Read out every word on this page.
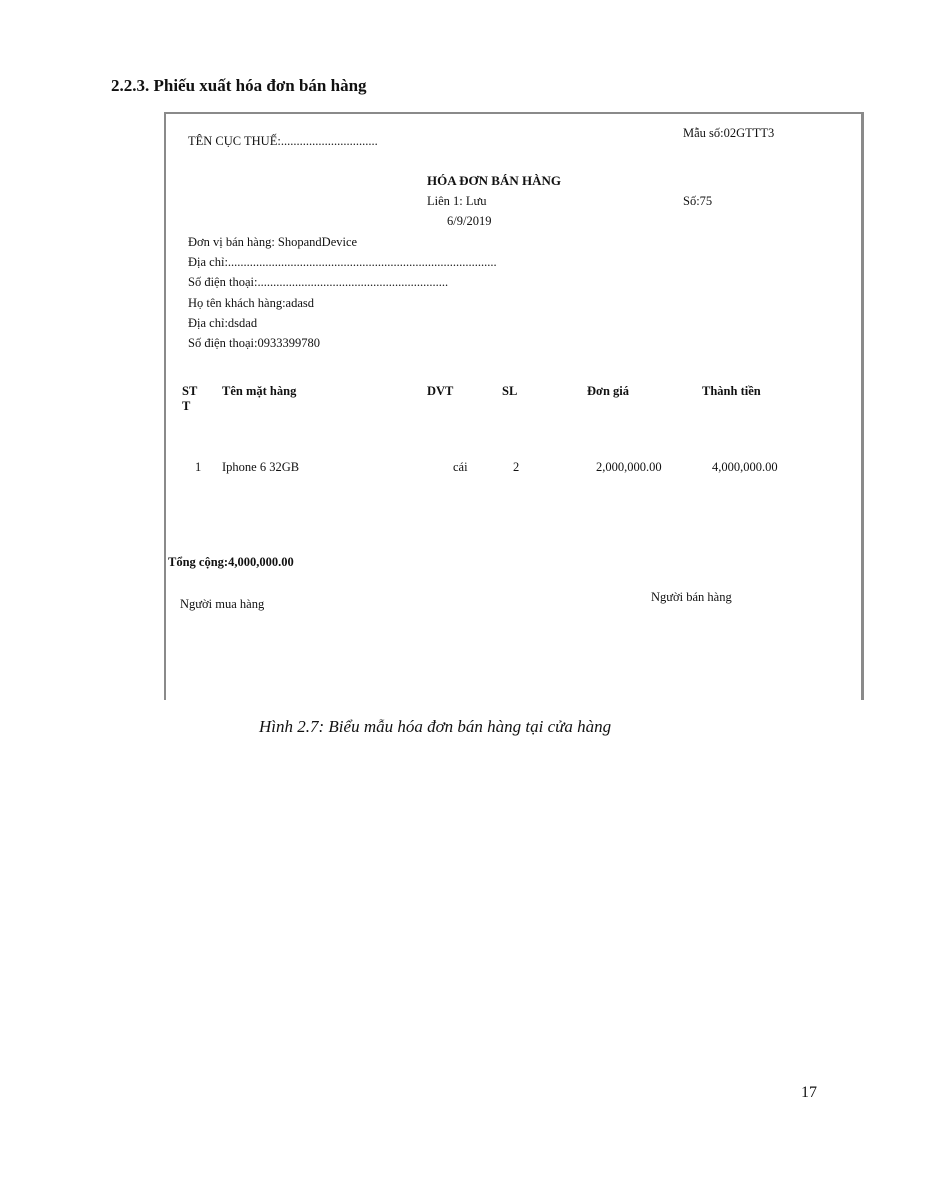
2.2.3. Phiếu xuất hóa đơn bán hàng
TÊN CỤC THUẾ:...............................
Mẫu số:02GTTT3
HÓA ĐƠN BÁN HÀNG
Liên 1: Lưu	Số:75
6/9/2019
Đơn vị bán hàng: ShopandDevice
Địa chỉ:......................................................................................
Số điện thoại:.............................................................
Họ tên khách hàng:adasd
Địa chỉ:dsdad
Số điện thoại:0933399780
ST
T
Tên mặt hàng	DVT	SL	Đơn giá	Thành tiền
1 Iphone 6 32GB	cái	2	2,000,000.00	4,000,000.00
Tổng cộng:4,000,000.00
Người mua hàng	Người bán hàng
Hình 2.7: Biểu mẫu hóa đơn bán hàng tại cửa hàng
17
